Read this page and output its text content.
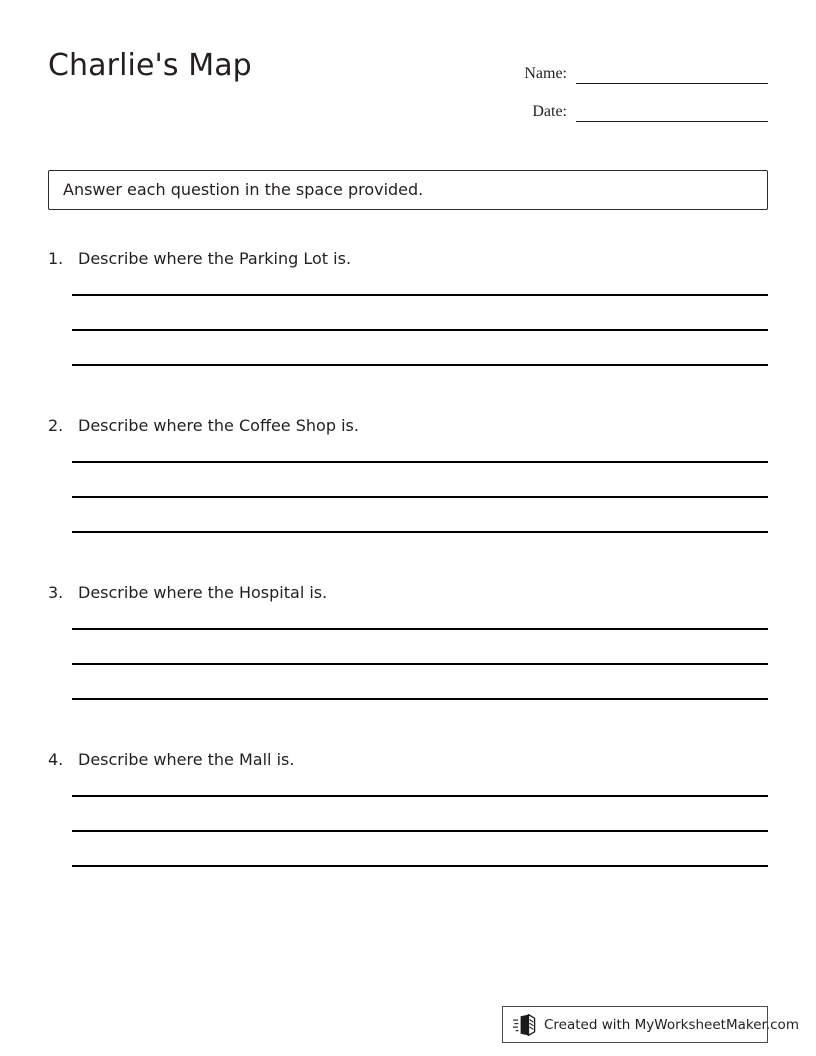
Charlie's Map	Name:
Date:
Answer each question in the space provided.
1. Describe where the Parking Lot is.
2. Describe where the Coffee Shop is.
3. Describe where the Hospital is.
4. Describe where the Mall is.
Created with MyWorksheetMaker.com
